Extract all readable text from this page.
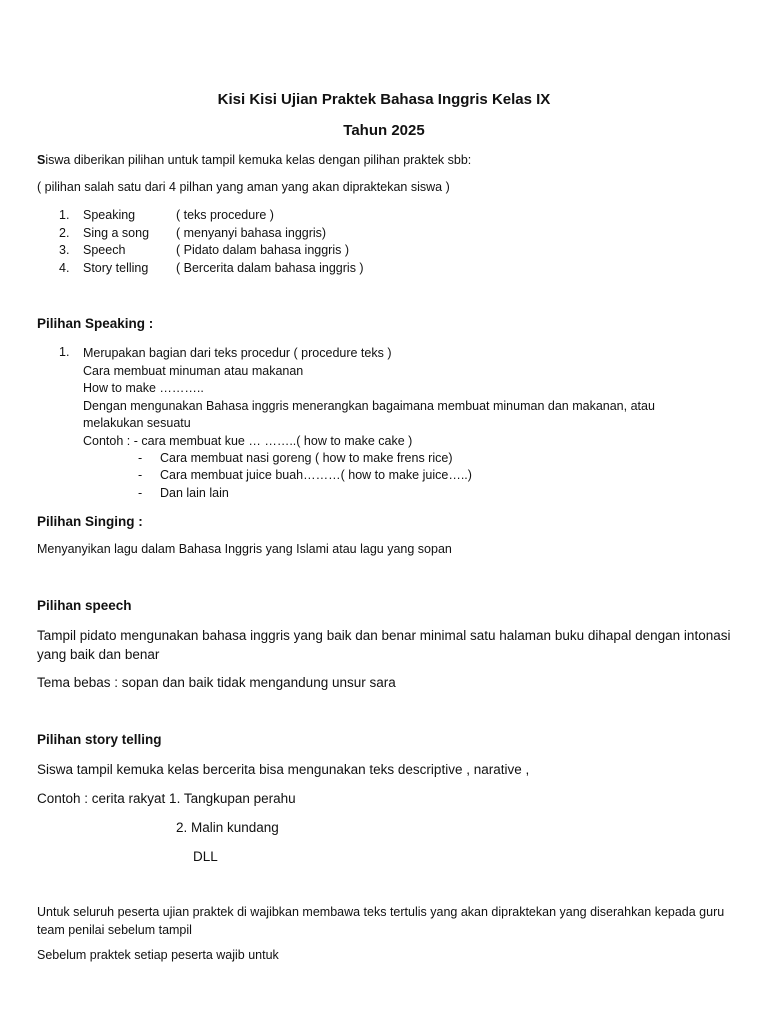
Kisi Kisi Ujian Praktek Bahasa Inggris Kelas IX
Tahun 2025

Siswa diberikan pilihan untuk tampil kemuka kelas dengan pilihan praktek sbb:

( pilihan salah satu dari 4 pilhan yang aman yang akan dipraktekan siswa )

1. Speaking	( teks procedure )
2. Sing a song ( menyanyi bahasa inggris)
3. Speech	( Pidato dalam bahasa inggris )
4. Story telling ( Bercerita dalam bahasa inggris )
Pilihan Speaking :
1. Merupakan bagian dari teks procedur ( procedure teks )
Cara membuat minuman atau makanan
How to make ………..
Dengan mengunakan Bahasa inggris menerangkan bagaimana membuat minuman dan makanan, atau melakukan sesuatu
Contoh : - cara membuat kue … ……..( how to make cake )
- Cara membuat nasi goreng ( how to make frens rice)
- Cara membuat juice buah………( how to make juice…..)
- Dan lain lain
Pilihan Singing :

Menyanyikan lagu dalam Bahasa Inggris yang Islami atau lagu yang sopan

Pilihan speech

Tampil pidato mengunakan bahasa inggris yang baik dan benar minimal satu halaman buku dihapal dengan intonasi yang baik dan benar

Tema bebas : sopan dan baik tidak mengandung unsur sara

Pilihan story telling

Siswa tampil kemuka kelas bercerita bisa mengunakan teks descriptive , narative ,

Contoh : cerita rakyat 1. Tangkupan perahu

2. Malin kundang

DLL

Untuk seluruh peserta ujian praktek di wajibkan membawa teks tertulis yang akan dipraktekan yang diserahkan kepada guru team penilai sebelum tampil

Sebelum praktek setiap peserta wajib untuk
